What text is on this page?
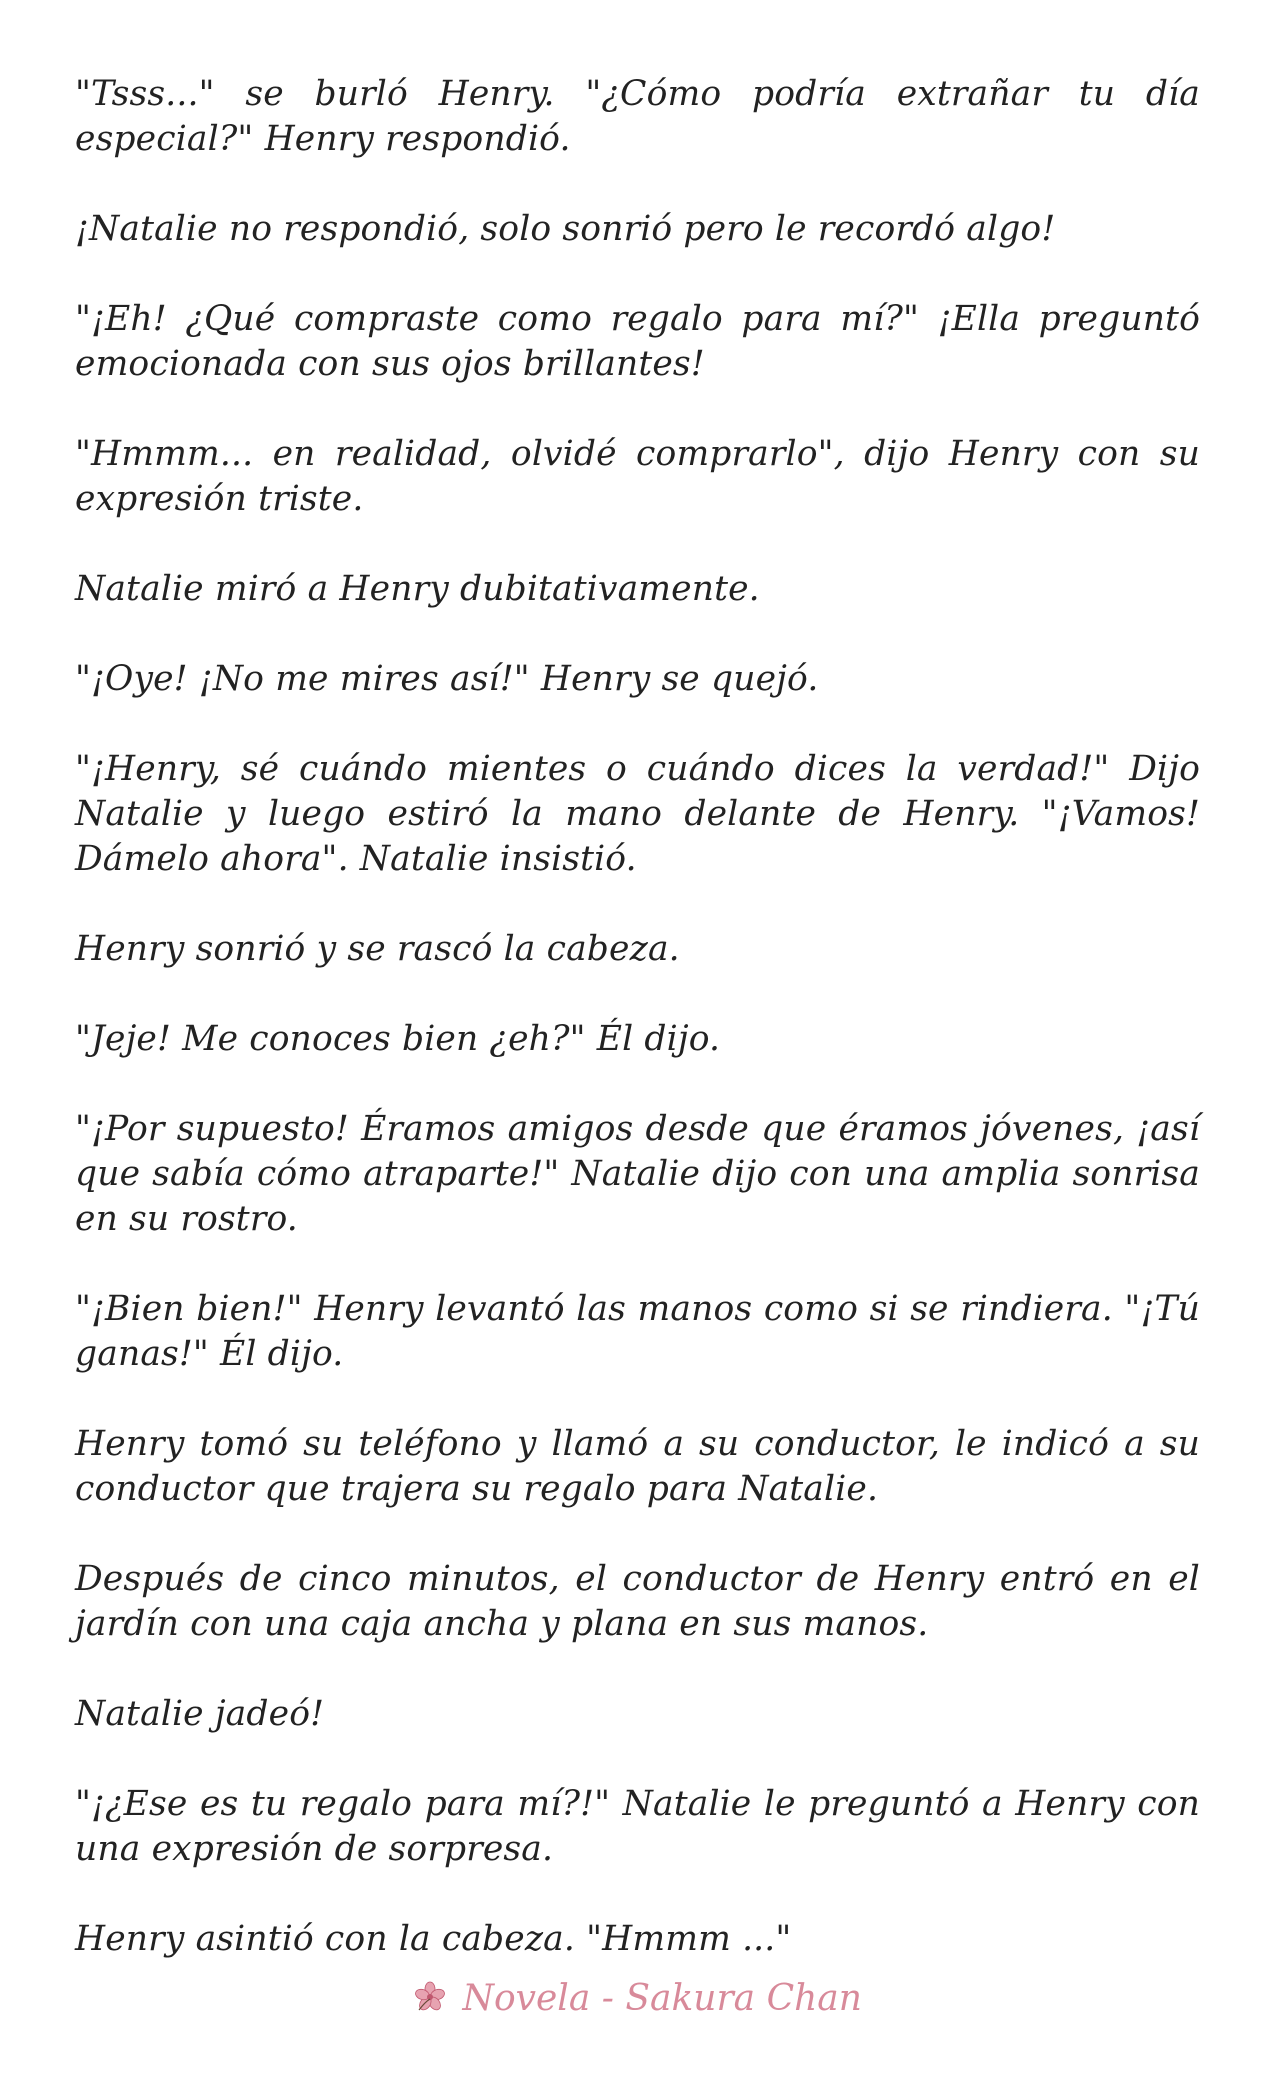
"Tsss..." se burló Henry. "¿Cómo podría extrañar tu día especial?" Henry respondió.

¡Natalie no respondió, solo sonrió pero le recordó algo!

"¡Eh! ¿Qué compraste como regalo para mí?" ¡Ella preguntó emocionada con sus ojos brillantes!

"Hmmm... en realidad, olvidé comprarlo", dijo Henry con su expresión triste.

Natalie miró a Henry dubitativamente.

"¡Oye! ¡No me mires así!" Henry se quejó.

"¡Henry, sé cuándo mientes o cuándo dices la verdad!" Dijo Natalie y luego estiró la mano delante de Henry. "¡Vamos! Dámelo ahora". Natalie insistió.

Henry sonrió y se rascó la cabeza.

"Jeje! Me conoces bien ¿eh?" Él dijo.

"¡Por supuesto! Éramos amigos desde que éramos jóvenes, ¡así que sabía cómo atraparte!" Natalie dijo con una amplia sonrisa en su rostro.

"¡Bien bien!" Henry levantó las manos como si se rindiera. "¡Tú ganas!" Él dijo.

Henry tomó su teléfono y llamó a su conductor, le indicó a su conductor que trajera su regalo para Natalie.

Después de cinco minutos, el conductor de Henry entró en el jardín con una caja ancha y plana en sus manos.

Natalie jadeó!

"¡¿Ese es tu regalo para mí?!" Natalie le preguntó a Henry con una expresión de sorpresa.

Henry asintió con la cabeza. "Hmmm ..."

Novela - Sakura Chan
